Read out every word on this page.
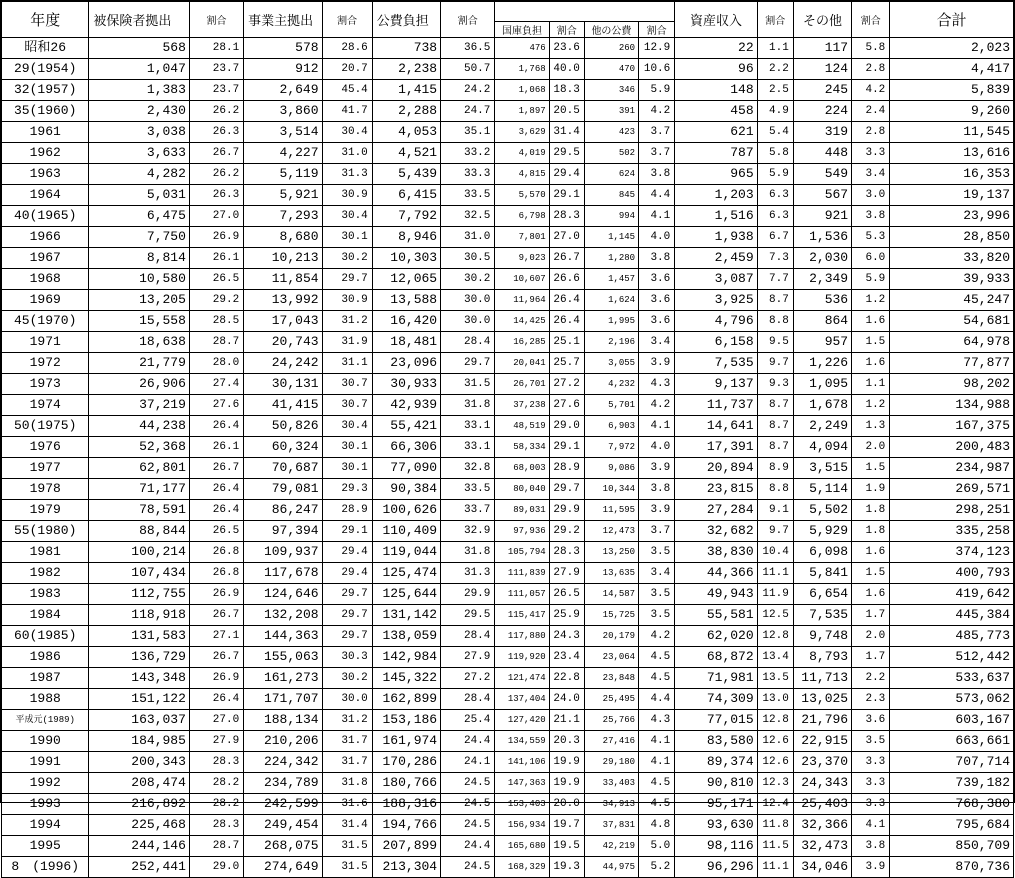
年度	被保険者拠出	割合	事業主拠出	割合	公費負担	割合					資産収入	割合	その他	割合	合計
							国庫負担	割合	他の公費	割合					
昭和26	568	28.1	578	28.6	738	36.5	476	23.6	260	12.9	22	1.1	117	5.8	2,023
29(1954)	1,047	23.7	912	20.7	2,238	50.7	1,768	40.0	470	10.6	96	2.2	124	2.8	4,417
32(1957)	1,383	23.7	2,649	45.4	1,415	24.2	1,068	18.3	346	5.9	148	2.5	245	4.2	5,839
35(1960)	2,430	26.2	3,860	41.7	2,288	24.7	1,897	20.5	391	4.2	458	4.9	224	2.4	9,260
1961	3,038	26.3	3,514	30.4	4,053	35.1	3,629	31.4	423	3.7	621	5.4	319	2.8	11,545
1962	3,633	26.7	4,227	31.0	4,521	33.2	4,019	29.5	502	3.7	787	5.8	448	3.3	13,616
1963	4,282	26.2	5,119	31.3	5,439	33.3	4,815	29.4	624	3.8	965	5.9	549	3.4	16,353
1964	5,031	26.3	5,921	30.9	6,415	33.5	5,570	29.1	845	4.4	1,203	6.3	567	3.0	19,137
40(1965)	6,475	27.0	7,293	30.4	7,792	32.5	6,798	28.3	994	4.1	1,516	6.3	921	3.8	23,996
1966	7,750	26.9	8,680	30.1	8,946	31.0	7,801	27.0	1,145	4.0	1,938	6.7	1,536	5.3	28,850
1967	8,814	26.1	10,213	30.2	10,303	30.5	9,023	26.7	1,280	3.8	2,459	7.3	2,030	6.0	33,820
1968	10,580	26.5	11,854	29.7	12,065	30.2	10,607	26.6	1,457	3.6	3,087	7.7	2,349	5.9	39,933
1969	13,205	29.2	13,992	30.9	13,588	30.0	11,964	26.4	1,624	3.6	3,925	8.7	536	1.2	45,247
45(1970)	15,558	28.5	17,043	31.2	16,420	30.0	14,425	26.4	1,995	3.6	4,796	8.8	864	1.6	54,681
1971	18,638	28.7	20,743	31.9	18,481	28.4	16,285	25.1	2,196	3.4	6,158	9.5	957	1.5	64,978
1972	21,779	28.0	24,242	31.1	23,096	29.7	20,041	25.7	3,055	3.9	7,535	9.7	1,226	1.6	77,877
1973	26,906	27.4	30,131	30.7	30,933	31.5	26,701	27.2	4,232	4.3	9,137	9.3	1,095	1.1	98,202
1974	37,219	27.6	41,415	30.7	42,939	31.8	37,238	27.6	5,701	4.2	11,737	8.7	1,678	1.2	134,988
50(1975)	44,238	26.4	50,826	30.4	55,421	33.1	48,519	29.0	6,903	4.1	14,641	8.7	2,249	1.3	167,375
1976	52,368	26.1	60,324	30.1	66,306	33.1	58,334	29.1	7,972	4.0	17,391	8.7	4,094	2.0	200,483
1977	62,801	26.7	70,687	30.1	77,090	32.8	68,003	28.9	9,086	3.9	20,894	8.9	3,515	1.5	234,987
1978	71,177	26.4	79,081	29.3	90,384	33.5	80,040	29.7	10,344	3.8	23,815	8.8	5,114	1.9	269,571
1979	78,591	26.4	86,247	28.9	100,626	33.7	89,031	29.9	11,595	3.9	27,284	9.1	5,502	1.8	298,251
55(1980)	88,844	26.5	97,394	29.1	110,409	32.9	97,936	29.2	12,473	3.7	32,682	9.7	5,929	1.8	335,258
1981	100,214	26.8	109,937	29.4	119,044	31.8	105,794	28.3	13,250	3.5	38,830	10.4	6,098	1.6	374,123
1982	107,434	26.8	117,678	29.4	125,474	31.3	111,839	27.9	13,635	3.4	44,366	11.1	5,841	1.5	400,793
1983	112,755	26.9	124,646	29.7	125,644	29.9	111,057	26.5	14,587	3.5	49,943	11.9	6,654	1.6	419,642
1984	118,918	26.7	132,208	29.7	131,142	29.5	115,417	25.9	15,725	3.5	55,581	12.5	7,535	1.7	445,384
60(1985)	131,583	27.1	144,363	29.7	138,059	28.4	117,880	24.3	20,179	4.2	62,020	12.8	9,748	2.0	485,773
1986	136,729	26.7	155,063	30.3	142,984	27.9	119,920	23.4	23,064	4.5	68,872	13.4	8,793	1.7	512,442
1987	143,348	26.9	161,273	30.2	145,322	27.2	121,474	22.8	23,848	4.5	71,981	13.5	11,713	2.2	533,637
1988	151,122	26.4	171,707	30.0	162,899	28.4	137,404	24.0	25,495	4.4	74,309	13.0	13,025	2.3	573,062
平成元(1989)	163,037	27.0	188,134	31.2	153,186	25.4	127,420	21.1	25,766	4.3	77,015	12.8	21,796	3.6	603,167
1990	184,985	27.9	210,206	31.7	161,974	24.4	134,559	20.3	27,416	4.1	83,580	12.6	22,915	3.5	663,661
1991	200,343	28.3	224,342	31.7	170,286	24.1	141,106	19.9	29,180	4.1	89,374	12.6	23,370	3.3	707,714
1992	208,474	28.2	234,789	31.8	180,766	24.5	147,363	19.9	33,403	4.5	90,810	12.3	24,343	3.3	739,182
1993	216,892	28.2	242,599	31.6	188,316	24.5	153,403	20.0	34,913	4.5	95,171	12.4	25,403	3.3	768,380
1994	225,468	28.3	249,454	31.4	194,766	24.5	156,934	19.7	37,831	4.8	93,630	11.8	32,366	4.1	795,684
1995	244,146	28.7	268,075	31.5	207,899	24.4	165,680	19.5	42,219	5.0	98,116	11.5	32,473	3.8	850,709
8　(1996)	252,441	29.0	274,649	31.5	213,304	24.5	168,329	19.3	44,975	5.2	96,296	11.1	34,046	3.9	870,736
